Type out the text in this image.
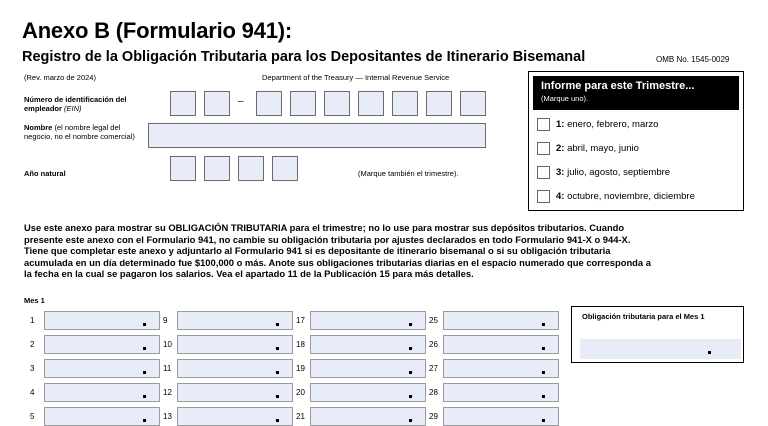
Anexo B (Formulario 941):
Registro de la Obligación Tributaria para los Depositantes de Itinerario Bisemanal	OMB No. 1545-0029
(Rev. marzo de 2024)	Department of the Treasury — Internal Revenue Service
Número de identificación del empleador (EIN)
–
Nombre (el nombre legal del negocio, no el nombre comercial)
Año natural	(Marque también el trimestre).
Informe para este Trimestre...
(Marque uno).
1:
enero, febrero, marzo
2:
abril, mayo, junio
3:
julio, agosto, septiembre
4:
octubre, noviembre, diciembre
Use este anexo para mostrar su OBLIGACIÓN TRIBUTARIA para el trimestre; no lo use para mostrar sus depósitos tributarios. Cuando
presente este anexo con el Formulario 941, no cambie su obligación tributaria por ajustes declarados en todo Formulario 941-X o 944-X.
Tiene que completar este anexo y adjuntarlo al Formulario 941 si es depositante de itinerario bisemanal o si su obligación tributaria
acumulada en un día determinado fue $100,000 o más. Anote sus obligaciones tributarias diarias en el espacio numerado que corresponda a
la fecha en la cual se pagaron los salarios. Vea el apartado 11 de la Publicación 15 para más detalles.
Mes 1
1	9	17	25
2	10	18	26
3	11	19	27
4	12	20	28
5	13	21	29
Obligación tributaria para el Mes 1
